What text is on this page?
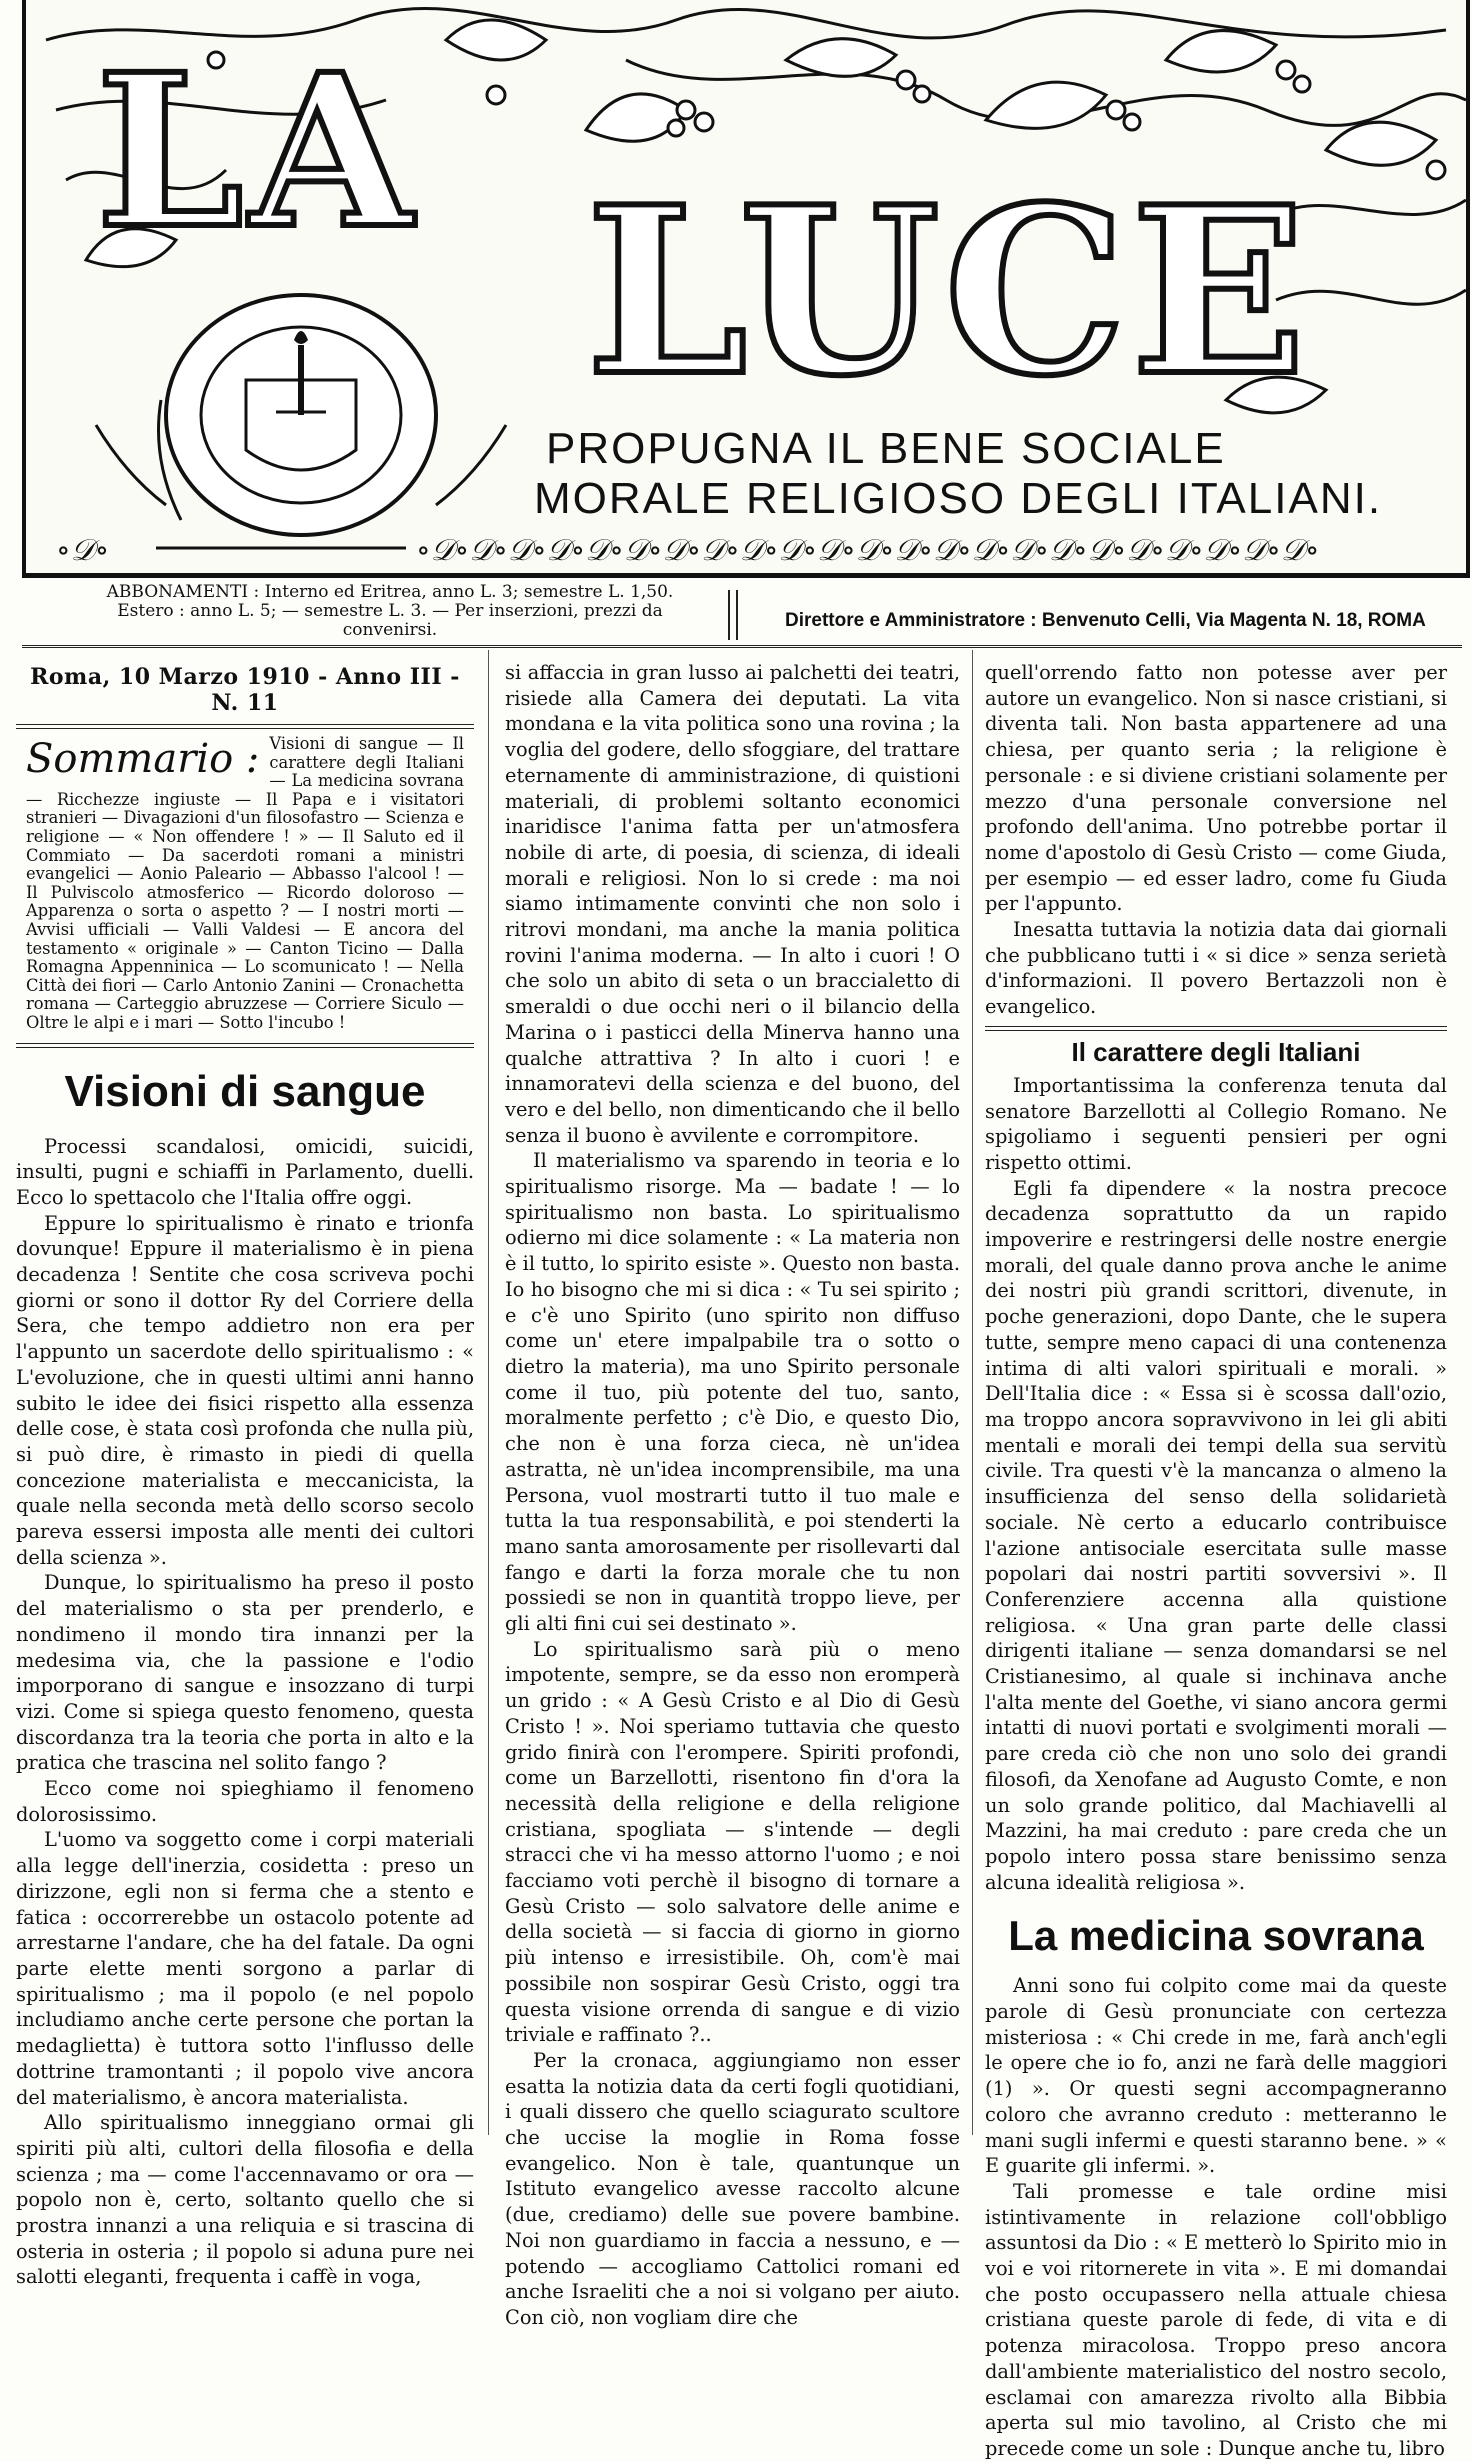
LA
LUCE
∘𝒟∘	∘𝒟∘𝒟∘𝒟∘𝒟∘𝒟∘𝒟∘𝒟∘𝒟∘𝒟∘𝒟∘𝒟∘𝒟∘𝒟∘𝒟∘𝒟∘𝒟∘𝒟∘𝒟∘𝒟∘𝒟∘𝒟∘𝒟∘𝒟∘
PROPUGNA IL BENE SOCIALE
MORALE RELIGIOSO DEGLI ITALIANI.
ABBONAMENTI : Interno ed Eritrea, anno L. 3; semestre L. 1,50.
Estero : anno L. 5; — semestre L. 3. — Per inserzioni, prezzi da convenirsi.	Direttore e Amministratore : Benvenuto Celli, Via Magenta N. 18, ROMA
Roma, 10 Marzo 1910 - Anno III - N. 11
Sommario : Visioni di sangue — Il carattere degli Italiani — La medicina sovrana — Ricchezze ingiuste — Il Papa e i visitatori stranieri — Divagazioni d'un filosofastro — Scienza e religione — « Non offendere ! » — Il Saluto ed il Commiato — Da sacerdoti romani a ministri evangelici — Aonio Paleario — Abbasso l'alcool ! — Il Pulviscolo atmosferico — Ricordo doloroso — Apparenza o sorta o aspetto ? — I nostri morti — Avvisi ufficiali — Valli Valdesi — E ancora del testamento « originale » — Canton Ticino — Dalla Romagna Appenninica — Lo scomunicato ! — Nella Città dei fiori — Carlo Antonio Zanini — Cronachetta romana — Carteggio abruzzese — Corriere Siculo — Oltre le alpi e i mari — Sotto l'incubo !
Visioni di sangue

Processi scandalosi, omicidi, suicidi, insulti, pugni e schiaffi in Parlamento, duelli. Ecco lo spettacolo che l'Italia offre oggi.

Eppure lo spiritualismo è rinato e trionfa dovunque! Eppure il materialismo è in piena decadenza ! Sentite che cosa scriveva pochi giorni or sono il dottor Ry del Corriere della Sera, che tempo addietro non era per l'appunto un sacerdote dello spiritualismo : « L'evoluzione, che in questi ultimi anni hanno subito le idee dei fisici rispetto alla essenza delle cose, è stata così profonda che nulla più, si può dire, è rimasto in piedi di quella concezione materialista e meccanicista, la quale nella seconda metà dello scorso secolo pareva essersi imposta alle menti dei cultori della scienza ».

Dunque, lo spiritualismo ha preso il posto del materialismo o sta per prenderlo, e nondimeno il mondo tira innanzi per la medesima via, che la passione e l'odio imporporano di sangue e insozzano di turpi vizi. Come si spiega questo fenomeno, questa discordanza tra la teoria che porta in alto e la pratica che trascina nel solito fango ?

Ecco come noi spieghiamo il fenomeno dolorosissimo.

L'uomo va soggetto come i corpi materiali alla legge dell'inerzia, cosidetta : preso un dirizzone, egli non si ferma che a stento e fatica : occorrerebbe un ostacolo potente ad arrestarne l'andare, che ha del fatale. Da ogni parte elette menti sorgono a parlar di spiritualismo ; ma il popolo (e nel popolo includiamo anche certe persone che portan la medaglietta) è tuttora sotto l'influsso delle dottrine tramontanti ; il popolo vive ancora del materialismo, è ancora materialista.

Allo spiritualismo inneggiano ormai gli spiriti più alti, cultori della filosofia e della scienza ; ma — come l'accennavamo or ora — popolo non è, certo, soltanto quello che si prostra innanzi a una reliquia e si trascina di osteria in osteria ; il popolo si aduna pure nei salotti eleganti, frequenta i caffè in voga,

si affaccia in gran lusso ai palchetti dei teatri, risiede alla Camera dei deputati. La vita mondana e la vita politica sono una rovina ; la voglia del godere, dello sfoggiare, del trattare eternamente di amministrazione, di quistioni materiali, di problemi soltanto economici inaridisce l'anima fatta per un'atmosfera nobile di arte, di poesia, di scienza, di ideali morali e religiosi. Non lo si crede : ma noi siamo intimamente convinti che non solo i ritrovi mondani, ma anche la mania politica rovini l'anima moderna. — In alto i cuori ! O che solo un abito di seta o un braccialetto di smeraldi o due occhi neri o il bilancio della Marina o i pasticci della Minerva hanno una qualche attrattiva ? In alto i cuori ! e innamoratevi della scienza e del buono, del vero e del bello, non dimenticando che il bello senza il buono è avvilente e corrompitore.

Il materialismo va sparendo in teoria e lo spiritualismo risorge. Ma — badate ! — lo spiritualismo non basta. Lo spiritualismo odierno mi dice solamente : « La materia non è il tutto, lo spirito esiste ». Questo non basta. Io ho bisogno che mi si dica : « Tu sei spirito ; e c'è uno Spirito (uno spirito non diffuso come un' etere impalpabile tra o sotto o dietro la materia), ma uno Spirito personale come il tuo, più potente del tuo, santo, moralmente perfetto ; c'è Dio, e questo Dio, che non è una forza cieca, nè un'idea astratta, nè un'idea incomprensibile, ma una Persona, vuol mostrarti tutto il tuo male e tutta la tua responsabilità, e poi stenderti la mano santa amorosamente per risollevarti dal fango e darti la forza morale che tu non possiedi se non in quantità troppo lieve, per gli alti fini cui sei destinato ».

Lo spiritualismo sarà più o meno impotente, sempre, se da esso non eromperà un grido : « A Gesù Cristo e al Dio di Gesù Cristo ! ». Noi speriamo tuttavia che questo grido finirà con l'erompere. Spiriti profondi, come un Barzellotti, risentono fin d'ora la necessità della religione e della religione cristiana, spogliata — s'intende — degli stracci che vi ha messo attorno l'uomo ; e noi facciamo voti perchè il bisogno di tornare a Gesù Cristo — solo salvatore delle anime e della società — si faccia di giorno in giorno più intenso e irresistibile. Oh, com'è mai possibile non sospirar Gesù Cristo, oggi tra questa visione orrenda di sangue e di vizio triviale e raffinato ?..

Per la cronaca, aggiungiamo non esser esatta la notizia data da certi fogli quotidiani, i quali dissero che quello sciagurato scultore che uccise la moglie in Roma fosse evangelico. Non è tale, quantunque un Istituto evangelico avesse raccolto alcune (due, crediamo) delle sue povere bambine. Noi non guardiamo in faccia a nessuno, e — potendo — accogliamo Cattolici romani ed anche Israeliti che a noi si volgano per aiuto. Con ciò, non vogliam dire che

quell'orrendo fatto non potesse aver per autore un evangelico. Non si nasce cristiani, si diventa tali. Non basta appartenere ad una chiesa, per quanto seria ; la religione è personale : e si diviene cristiani solamente per mezzo d'una personale conversione nel profondo dell'anima. Uno potrebbe portar il nome d'apostolo di Gesù Cristo — come Giuda, per esempio — ed esser ladro, come fu Giuda per l'appunto.

Inesatta tuttavia la notizia data dai giornali che pubblicano tutti i « si dice » senza serietà d'informazioni. Il povero Bertazzoli non è evangelico.

Il carattere degli Italiani

Importantissima la conferenza tenuta dal senatore Barzellotti al Collegio Romano. Ne spigoliamo i seguenti pensieri per ogni rispetto ottimi.

Egli fa dipendere « la nostra precoce decadenza soprattutto da un rapido impoverire e restringersi delle nostre energie morali, del quale danno prova anche le anime dei nostri più grandi scrittori, divenute, in poche generazioni, dopo Dante, che le supera tutte, sempre meno capaci di una contenenza intima di alti valori spirituali e morali. » Dell'Italia dice : « Essa si è scossa dall'ozio, ma troppo ancora sopravvivono in lei gli abiti mentali e morali dei tempi della sua servitù civile. Tra questi v'è la mancanza o almeno la insufficienza del senso della solidarietà sociale. Nè certo a educarlo contribuisce l'azione antisociale esercitata sulle masse popolari dai nostri partiti sovversivi ». Il Conferenziere accenna alla quistione religiosa. « Una gran parte delle classi dirigenti italiane — senza domandarsi se nel Cristianesimo, al quale si inchinava anche l'alta mente del Goethe, vi siano ancora germi intatti di nuovi portati e svolgimenti morali — pare creda ciò che non uno solo dei grandi filosofi, da Xenofane ad Augusto Comte, e non un solo grande politico, dal Machiavelli al Mazzini, ha mai creduto : pare creda che un popolo intero possa stare benissimo senza alcuna idealità religiosa ».

La medicina sovrana

Anni sono fui colpito come mai da queste parole di Gesù pronunciate con certezza misteriosa : « Chi crede in me, farà anch'egli le opere che io fo, anzi ne farà delle maggiori (1) ». Or questi segni accompagneranno coloro che avranno creduto : metteranno le mani sugli infermi e questi staranno bene. » « E guarite gli infermi. ».

Tali promesse e tale ordine misi istintivamente in relazione coll'obbligo assuntosi da Dio : « E metterò lo Spirito mio in voi e voi ritornerete in vita ». E mi domandai che posto occupassero nella attuale chiesa cristiana queste parole di fede, di vita e di potenza miracolosa. Troppo preso ancora dall'ambiente materialistico del nostro secolo, esclamai con amarezza rivolto alla Bibbia aperta sul mio tavolino, al Cristo che mi precede come un sole : Dunque anche tu, libro
